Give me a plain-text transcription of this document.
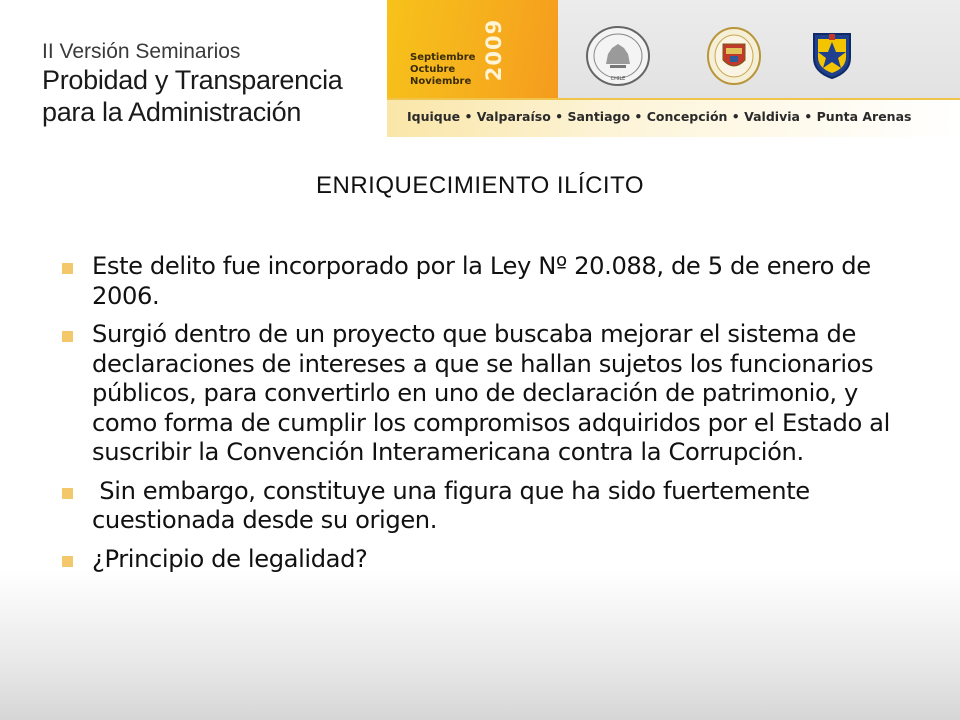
II Versión Seminarios
Probidad y Transparencia
para la Administración
Septiembre
Octubre
Noviembre
2009	CHILE
Iquique • Valparaíso • Santiago • Concepción • Valdivia • Punta Arenas
ENRIQUECIMIENTO ILÍCITO
Este delito fue incorporado por la Ley Nº 20.088, de 5 de enero de 2006.
Surgió dentro de un proyecto que buscaba mejorar el sistema de declaraciones de intereses a que se hallan sujetos los funcionarios públicos, para convertirlo en uno de declaración de patrimonio, y como forma de cumplir los compromisos adquiridos por el Estado al suscribir la Convención Interamericana contra la Corrupción.
Sin embargo, constituye una figura que ha sido fuertemente cuestionada desde su origen.
¿Principio de legalidad?
